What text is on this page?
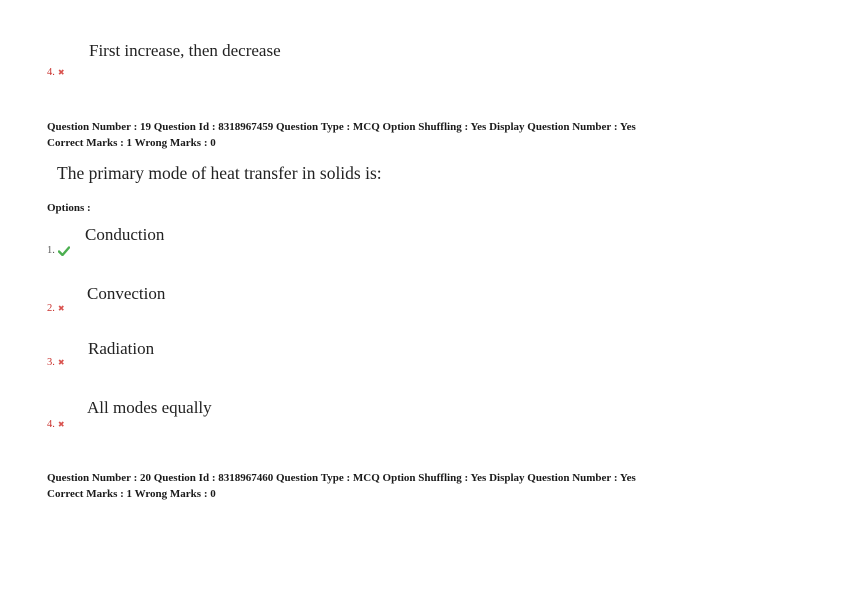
First increase, then decrease
4. ✖
Question Number : 19 Question Id : 8318967459 Question Type : MCQ Option Shuffling : Yes Display Question Number : Yes
Correct Marks : 1 Wrong Marks : 0
The primary mode of heat transfer in solids is:
Options :
Conduction
1.
Convection
2. ✖
Radiation
3. ✖
All modes equally
4. ✖
Question Number : 20 Question Id : 8318967460 Question Type : MCQ Option Shuffling : Yes Display Question Number : Yes
Correct Marks : 1 Wrong Marks : 0
